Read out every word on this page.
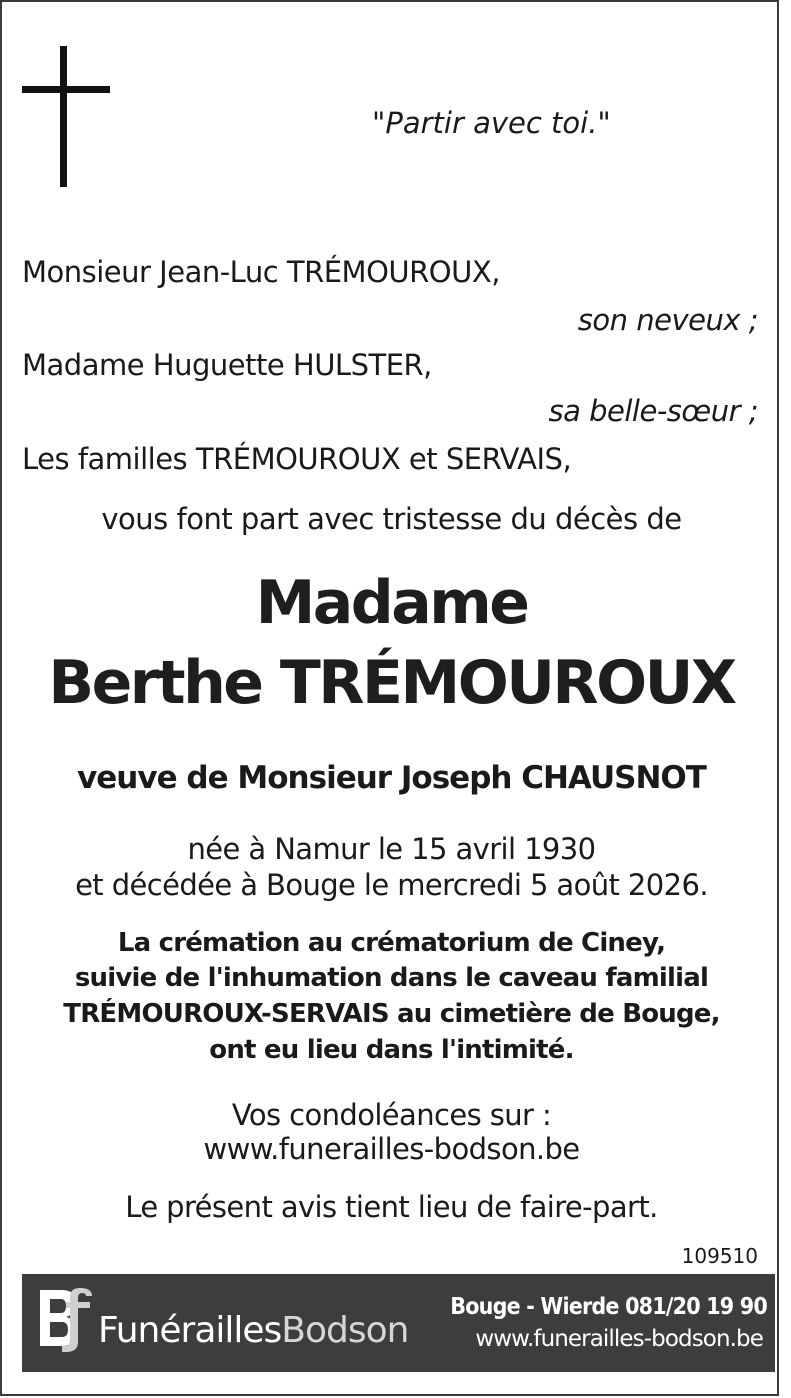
"Partir avec toi."
Monsieur Jean-Luc TRÉMOUROUX,
son neveux ;
Madame Huguette HULSTER,
sa belle-sœur ;
Les familles TRÉMOUROUX et SERVAIS,
vous font part avec tristesse du décès de
Madame
Berthe TRÉMOUROUX
veuve de Monsieur Joseph CHAUSNOT
née à Namur le 15 avril 1930
et décédée à Bouge le mercredi 5 août 2026.
La crémation au crématorium de Ciney,
suivie de l'inhumation dans le caveau familial
TRÉMOUROUX-SERVAIS au cimetière de Bouge,
ont eu lieu dans l'intimité.
Vos condoléances sur :
www.funerailles-bodson.be
Le présent avis tient lieu de faire-part.
109510
FunéraillesBodson
Bouge - Wierde 081/20 19 90
www.funerailles-bodson.be
